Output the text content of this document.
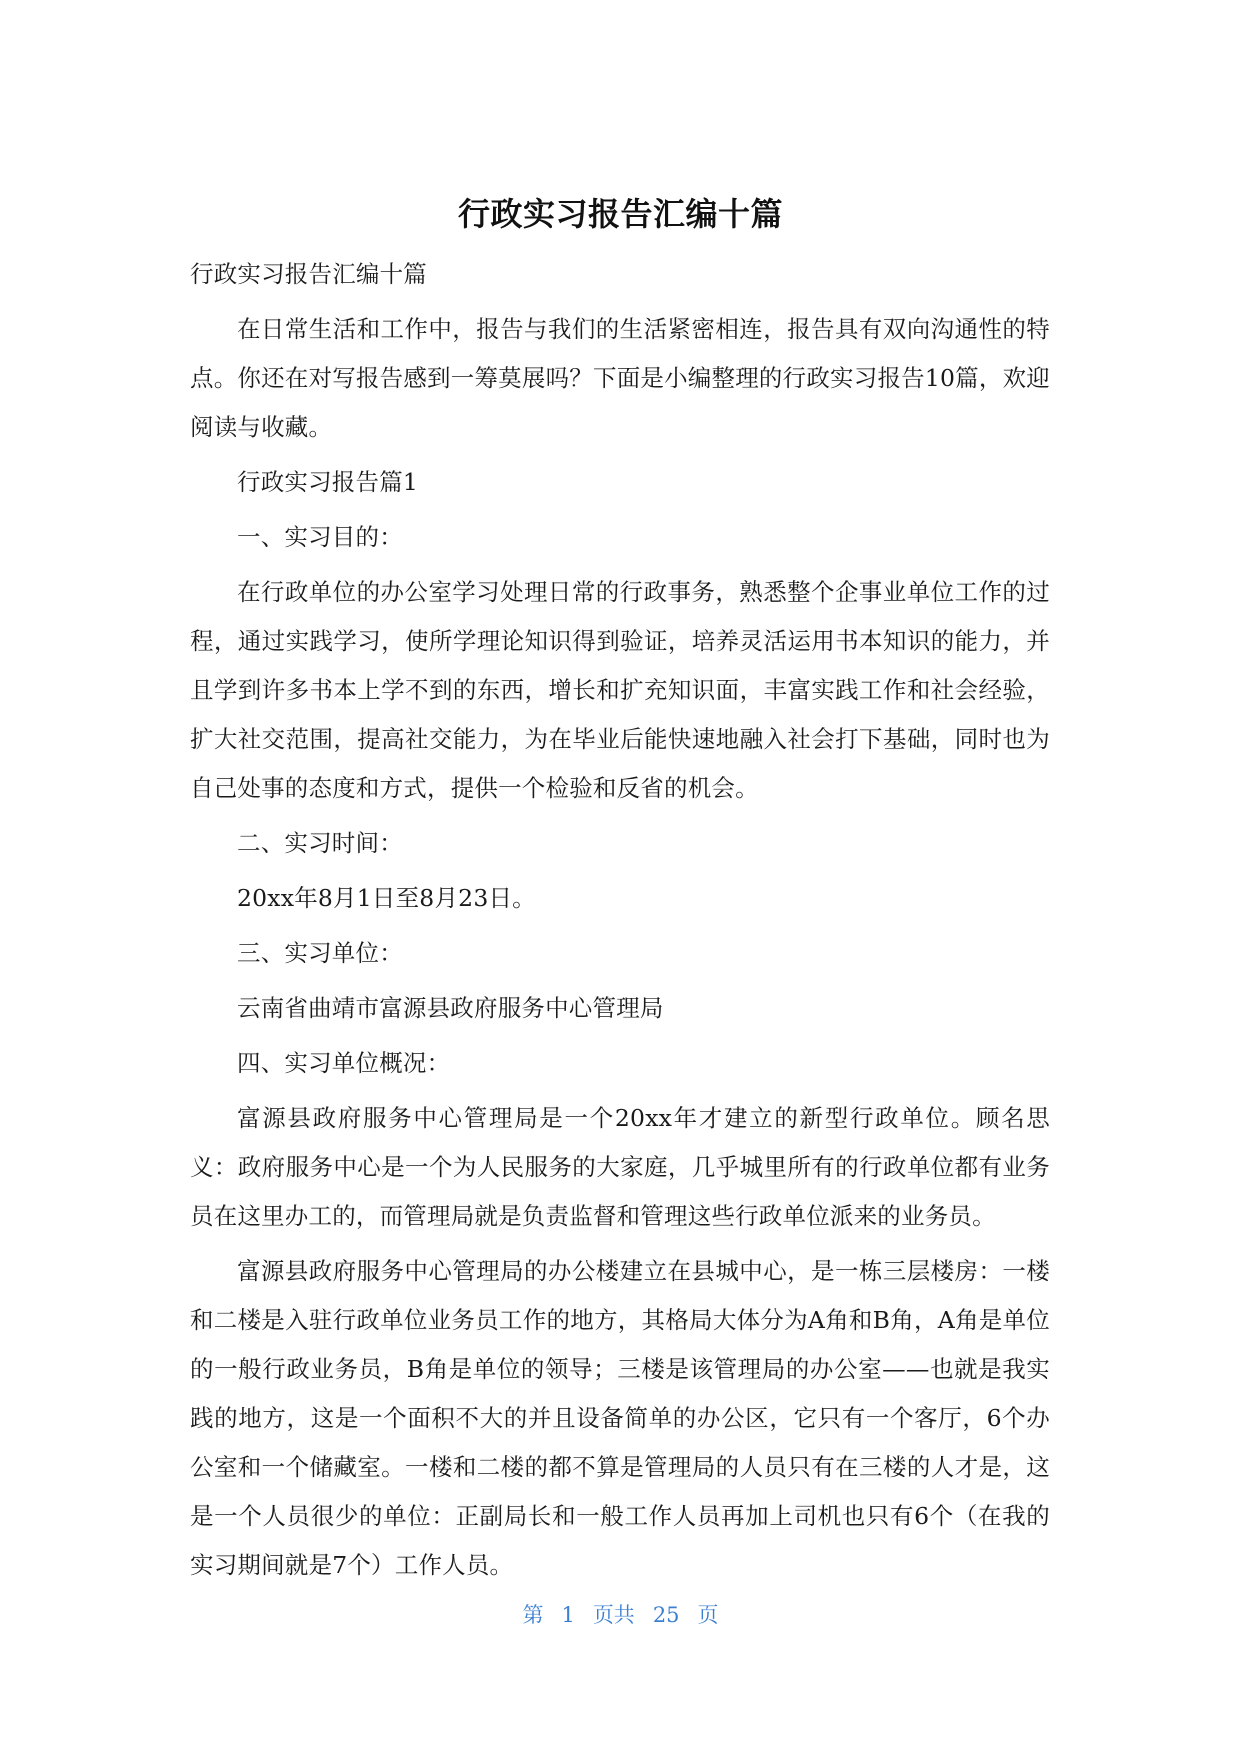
行政实习报告汇编十篇

行政实习报告汇编十篇

在日常生活和工作中，报告与我们的生活紧密相连，报告具有双向沟通性的特点。你还在对写报告感到一筹莫展吗？下面是小编整理的行政实习报告10篇，欢迎阅读与收藏。

行政实习报告篇1

一、实习目的：

在行政单位的办公室学习处理日常的行政事务，熟悉整个企事业单位工作的过程，通过实践学习，使所学理论知识得到验证，培养灵活运用书本知识的能力，并且学到许多书本上学不到的东西，增长和扩充知识面，丰富实践工作和社会经验，扩大社交范围，提高社交能力，为在毕业后能快速地融入社会打下基础，同时也为自己处事的态度和方式，提供一个检验和反省的机会。

二、实习时间：

20xx年8月1日至8月23日。

三、实习单位：

云南省曲靖市富源县政府服务中心管理局

四、实习单位概况：

富源县政府服务中心管理局是一个20xx年才建立的新型行政单位。顾名思义：政府服务中心是一个为人民服务的大家庭，几乎城里所有的行政单位都有业务员在这里办工的，而管理局就是负责监督和管理这些行政单位派来的业务员。

富源县政府服务中心管理局的办公楼建立在县城中心，是一栋三层楼房：一楼和二楼是入驻行政单位业务员工作的地方，其格局大体分为A角和B角，A角是单位的一般行政业务员，B角是单位的领导；三楼是该管理局的办公室——也就是我实践的地方，这是一个面积不大的并且设备简单的办公区，它只有一个客厅，6个办公室和一个储藏室。一楼和二楼的都不算是管理局的人员只有在三楼的人才是，这是一个人员很少的单位：正副局长和一般工作人员再加上司机也只有6个（在我的实习期间就是7个）工作人员。

第 1 页共 25 页
